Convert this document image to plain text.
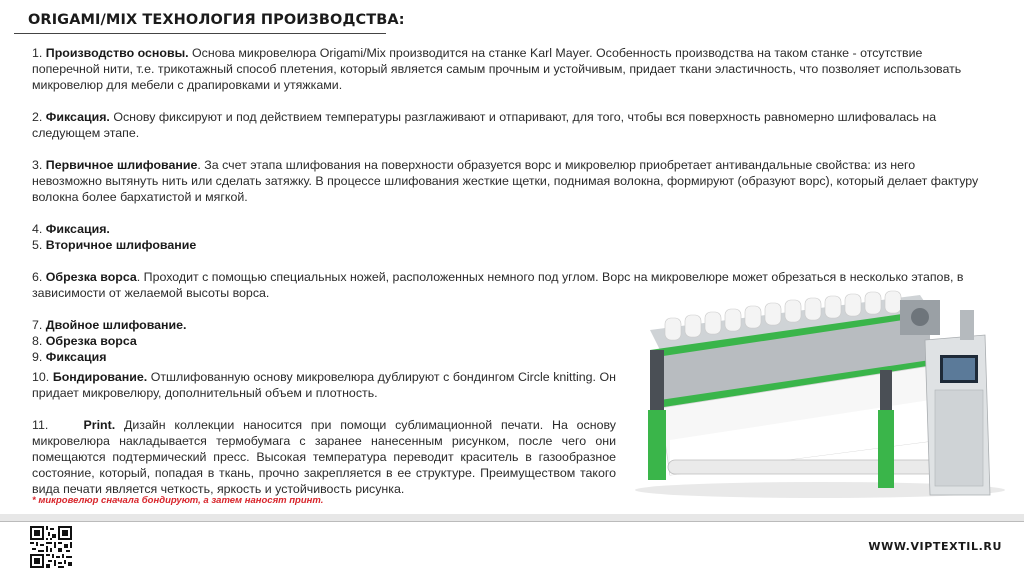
ORIGAMI/MIX ТЕХНОЛОГИЯ ПРОИЗВОДСТВА:
1. Производство основы. Основа микровелюра Origami/Mix производится на станке Karl Mayer. Особенность производства на таком станке - отсутствие поперечной нити, т.е. трикотажный способ плетения, который является самым прочным и устойчивым, придает ткани эластичность, что позволяет использовать микровелюр для мебели с драпировками и утяжками.
2. Фиксация. Основу фиксируют и под действием температуры разглаживают и отпаривают, для того, чтобы вся поверхность равномерно шлифовалась на следующем этапе.
3. Первичное шлифование. За счет этапа шлифования на поверхности образуется ворс и микровелюр приобретает антивандальные свойства: из него невозможно вытянуть нить или сделать затяжку. В процессе шлифования жесткие щетки, поднимая волокна, формируют (образуют ворс), который делает фактуру волокна более бархатистой и мягкой.
4. Фиксация.
5. Вторичное шлифование
6. Обрезка ворса. Проходит с помощью специальных ножей, расположенных немного под углом. Ворс на микровелюре может обрезаться в несколько этапов, в зависимости от желаемой высоты ворса.
7. Двойное шлифование.
8. Обрезка ворса
9. Фиксация
10. Бондирование. Отшлифованную основу микровелюра дублируют с бондингом Circle knitting. Он придает микровелюру, дополнительный объем и плотность.
11.	Print. Дизайн коллекции наносится при помощи сублимационной печати. На основу микровелюра накладывается термобумага с заранее нанесенным рисунком, после чего они помещаются подтермический пресс. Высокая температура переводит краситель в газообразное состояние, который, попадая в ткань, прочно закрепляется в ее структуре. Преимуществом такого вида печати является четкость, яркость и устойчивость рисунка.
* микровелюр сначала бондируют, а затем наносят принт.
WWW.VIPTEXTIL.RU
